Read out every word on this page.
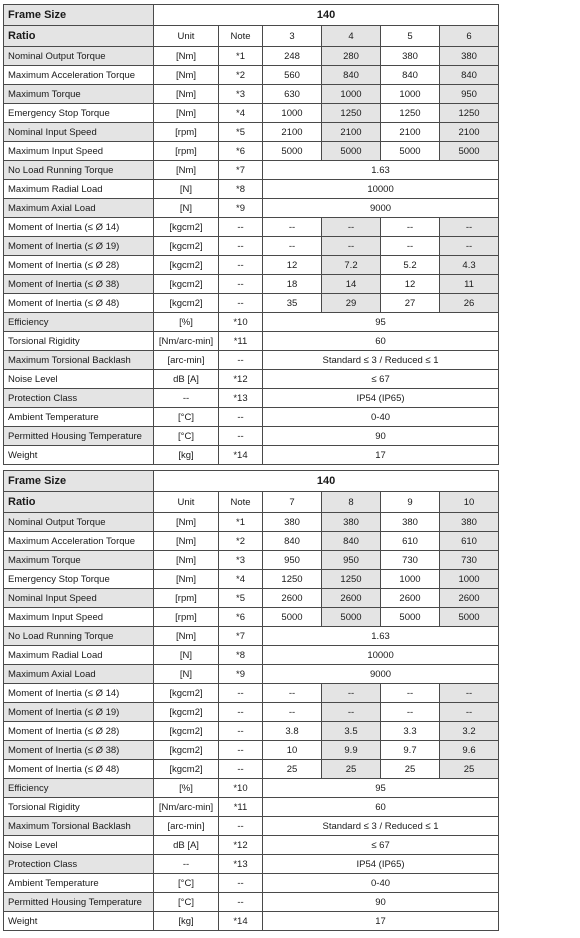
Frame Size	140					
Ratio	Unit	Note	3	4	5	6
Nominal Output Torque	[Nm]	*1	248	280	380	380
Maximum Acceleration Torque	[Nm]	*2	560	840	840	840
Maximum Torque	[Nm]	*3	630	1000	1000	950
Emergency Stop Torque	[Nm]	*4	1000	1250	1250	1250
Nominal Input Speed	[rpm]	*5	2100	2100	2100	2100
Maximum Input Speed	[rpm]	*6	5000	5000	5000	5000
No Load Running Torque	[Nm]	*7	1.63			
Maximum Radial Load	[N]	*8	10000			
Maximum Axial Load	[N]	*9	9000			
Moment of Inertia (≤ Ø 14)	[kgcm2]	--	--	--	--	--
Moment of Inertia (≤ Ø 19)	[kgcm2]	--	--	--	--	--
Moment of Inertia (≤ Ø 28)	[kgcm2]	--	12	7.2	5.2	4.3
Moment of Inertia (≤ Ø 38)	[kgcm2]	--	18	14	12	11
Moment of Inertia (≤ Ø 48)	[kgcm2]	--	35	29	27	26
Efficiency	[%]	*10	95			
Torsional Rigidity	[Nm/arc-min]	*11	60			
Maximum Torsional Backlash	[arc-min]	--	Standard ≤ 3 / Reduced ≤ 1			
Noise Level	dB [A]	*12	≤ 67			
Protection Class	--	*13	IP54 (IP65)			
Ambient Temperature	[°C]	--	0-40			
Permitted Housing Temperature	[°C]	--	90			
Weight	[kg]	*14	17			
Frame Size	140					
Ratio	Unit	Note	7	8	9	10
Nominal Output Torque	[Nm]	*1	380	380	380	380
Maximum Acceleration Torque	[Nm]	*2	840	840	610	610
Maximum Torque	[Nm]	*3	950	950	730	730
Emergency Stop Torque	[Nm]	*4	1250	1250	1000	1000
Nominal Input Speed	[rpm]	*5	2600	2600	2600	2600
Maximum Input Speed	[rpm]	*6	5000	5000	5000	5000
No Load Running Torque	[Nm]	*7	1.63			
Maximum Radial Load	[N]	*8	10000			
Maximum Axial Load	[N]	*9	9000			
Moment of Inertia (≤ Ø 14)	[kgcm2]	--	--	--	--	--
Moment of Inertia (≤ Ø 19)	[kgcm2]	--	--	--	--	--
Moment of Inertia (≤ Ø 28)	[kgcm2]	--	3.8	3.5	3.3	3.2
Moment of Inertia (≤ Ø 38)	[kgcm2]	--	10	9.9	9.7	9.6
Moment of Inertia (≤ Ø 48)	[kgcm2]	--	25	25	25	25
Efficiency	[%]	*10	95			
Torsional Rigidity	[Nm/arc-min]	*11	60			
Maximum Torsional Backlash	[arc-min]	--	Standard ≤ 3 / Reduced ≤ 1			
Noise Level	dB [A]	*12	≤ 67			
Protection Class	--	*13	IP54 (IP65)			
Ambient Temperature	[°C]	--	0-40			
Permitted Housing Temperature	[°C]	--	90			
Weight	[kg]	*14	17			
